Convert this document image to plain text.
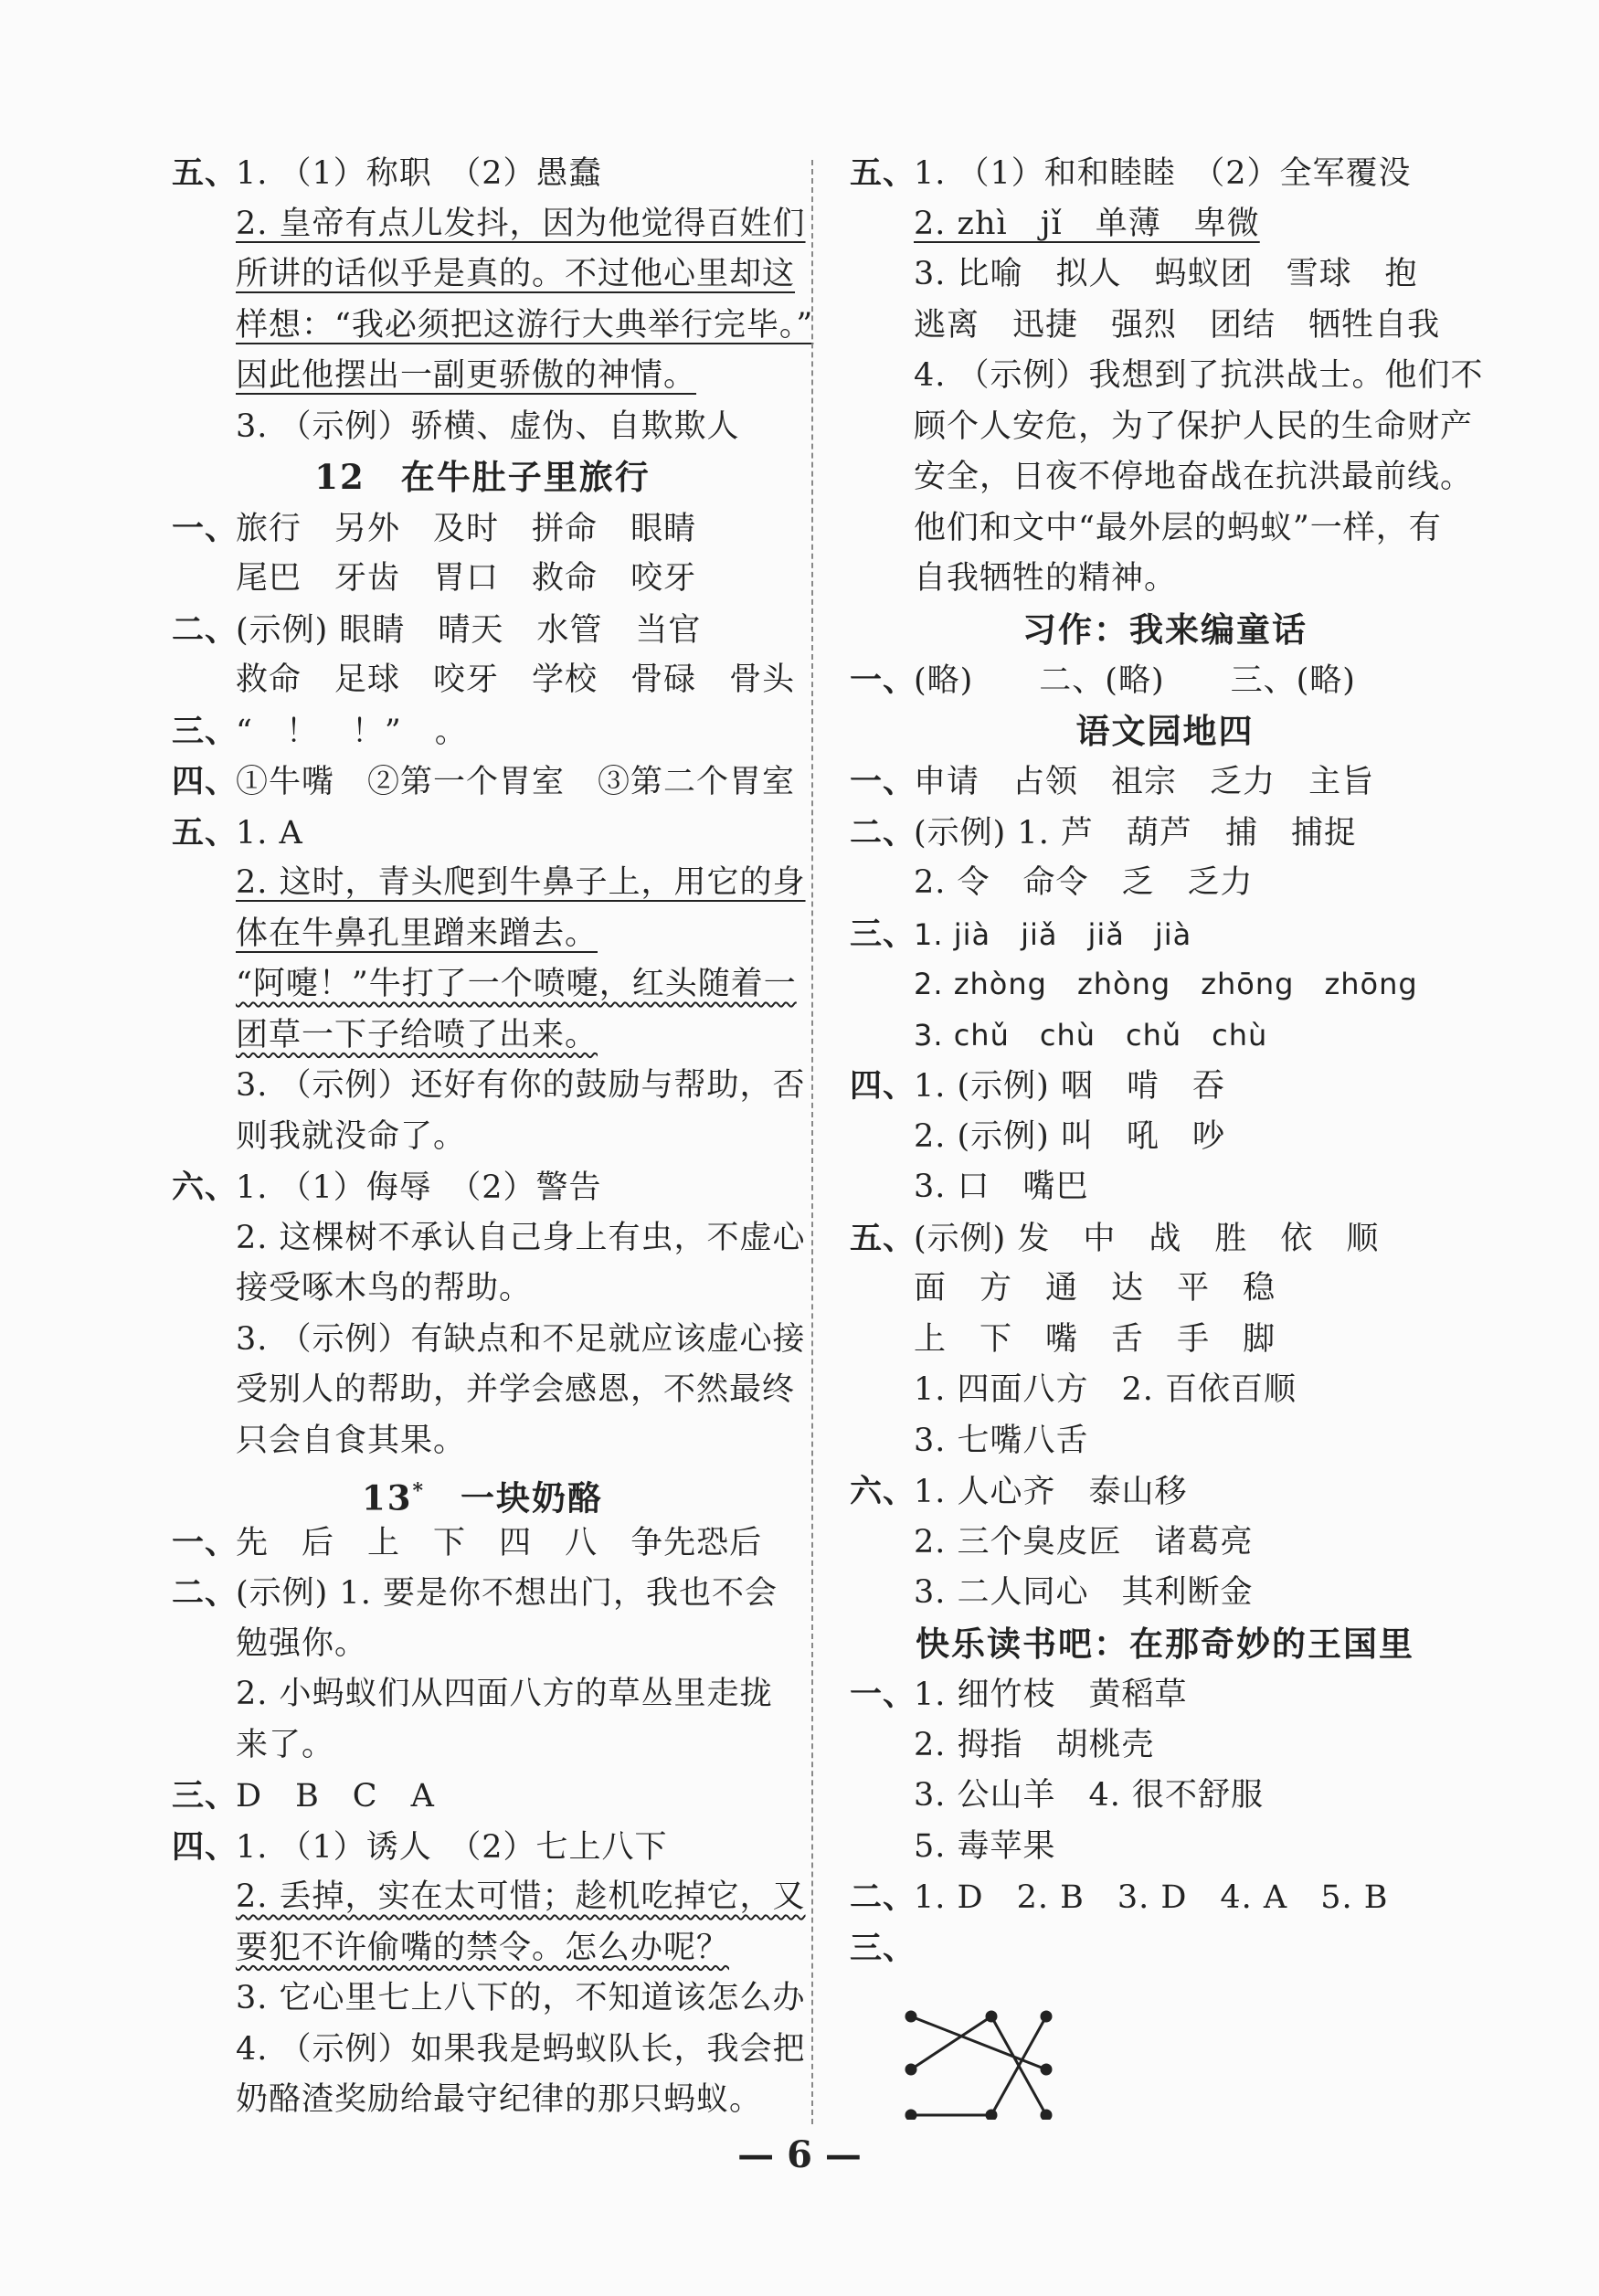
五、1. （1）称职　（2）愚蠢
2. 皇帝有点儿发抖，因为他觉得百姓们
所讲的话似乎是真的。不过他心里却这
样想：“我必须把这游行大典举行完毕。”
因此他摆出一副更骄傲的神情。
3. （示例）骄横、虚伪、自欺欺人
12　在牛肚子里旅行
一、旅行 另外 及时 拼命 眼睛
尾巴 牙齿 胃口 救命 咬牙
二、(示例) 眼睛　晴天　水管　当官
救命 足球 咬牙 学校 骨碌 骨头
三、“　！　！”　。
四、①牛嘴　②第一个胃室　③第二个胃室
五、1. A
2. 这时，青头爬到牛鼻子上，用它的身
体在牛鼻孔里蹭来蹭去。
“阿嚏！”牛打了一个喷嚏，红头随着一
团草一下子给喷了出来。
3. （示例）还好有你的鼓励与帮助，否
则我就没命了。
六、1. （1）侮辱　（2）警告
2. 这棵树不承认自己身上有虫，不虚心
接受啄木鸟的帮助。
3. （示例）有缺点和不足就应该虚心接
受别人的帮助，并学会感恩，不然最终
只会自食其果。
13*　一块奶酪
一、先 后 上 下 四 八 争先恐后
二、(示例) 1. 要是你不想出门，我也不会
勉强你。
2. 小蚂蚁们从四面八方的草丛里走拢
来了。
三、D B C A
四、1. （1）诱人　（2）七上八下
2. 丢掉，实在太可惜；趁机吃掉它，又
要犯不许偷嘴的禁令。怎么办呢？
3. 它心里七上八下的，不知道该怎么办
4. （示例）如果我是蚂蚁队长，我会把
奶酪渣奖励给最守纪律的那只蚂蚁。
五、1. （1）和和睦睦　（2）全军覆没
2. zhì　jǐ　单薄　卑微
3. 比喻 拟人 蚂蚁团 雪球 抱
逃离 迅捷 强烈 团结 牺牲自我
4. （示例）我想到了抗洪战士。他们不
顾个人安危，为了保护人民的生命财产
安全，日夜不停地奋战在抗洪最前线。
他们和文中“最外层的蚂蚁”一样，有
自我牺牲的精神。
习作：我来编童话
一、(略)　　二、(略)　　三、(略)
语文园地四
一、申请 占领 祖宗 乏力 主旨
二、(示例) 1. 芦　葫芦　捕　捕捉
2. 令　命令　乏　乏力
三、1. jià　jiǎ　jiǎ　jià
2. zhòng　zhòng　zhōng　zhōng
3. chǔ　chù　chǔ　chù
四、1. (示例) 咽　啃　吞
2. (示例) 叫　吼　吵
3. 口　嘴巴
五、(示例) 发　中　战　胜　依　顺
面 方 通 达 平 稳
上 下 嘴 舌 手 脚
1. 四面八方　2. 百依百顺
3. 七嘴八舌
六、1. 人心齐　泰山移
2. 三个臭皮匠　诸葛亮
3. 二人同心　其利断金
快乐读书吧：在那奇妙的王国里
一、1. 细竹枝　黄稻草
2. 拇指　胡桃壳
3. 公山羊　4. 很不舒服
5. 毒苹果
二、1. D　2. B　3. D　4. A　5. B
三、
— 6 —
